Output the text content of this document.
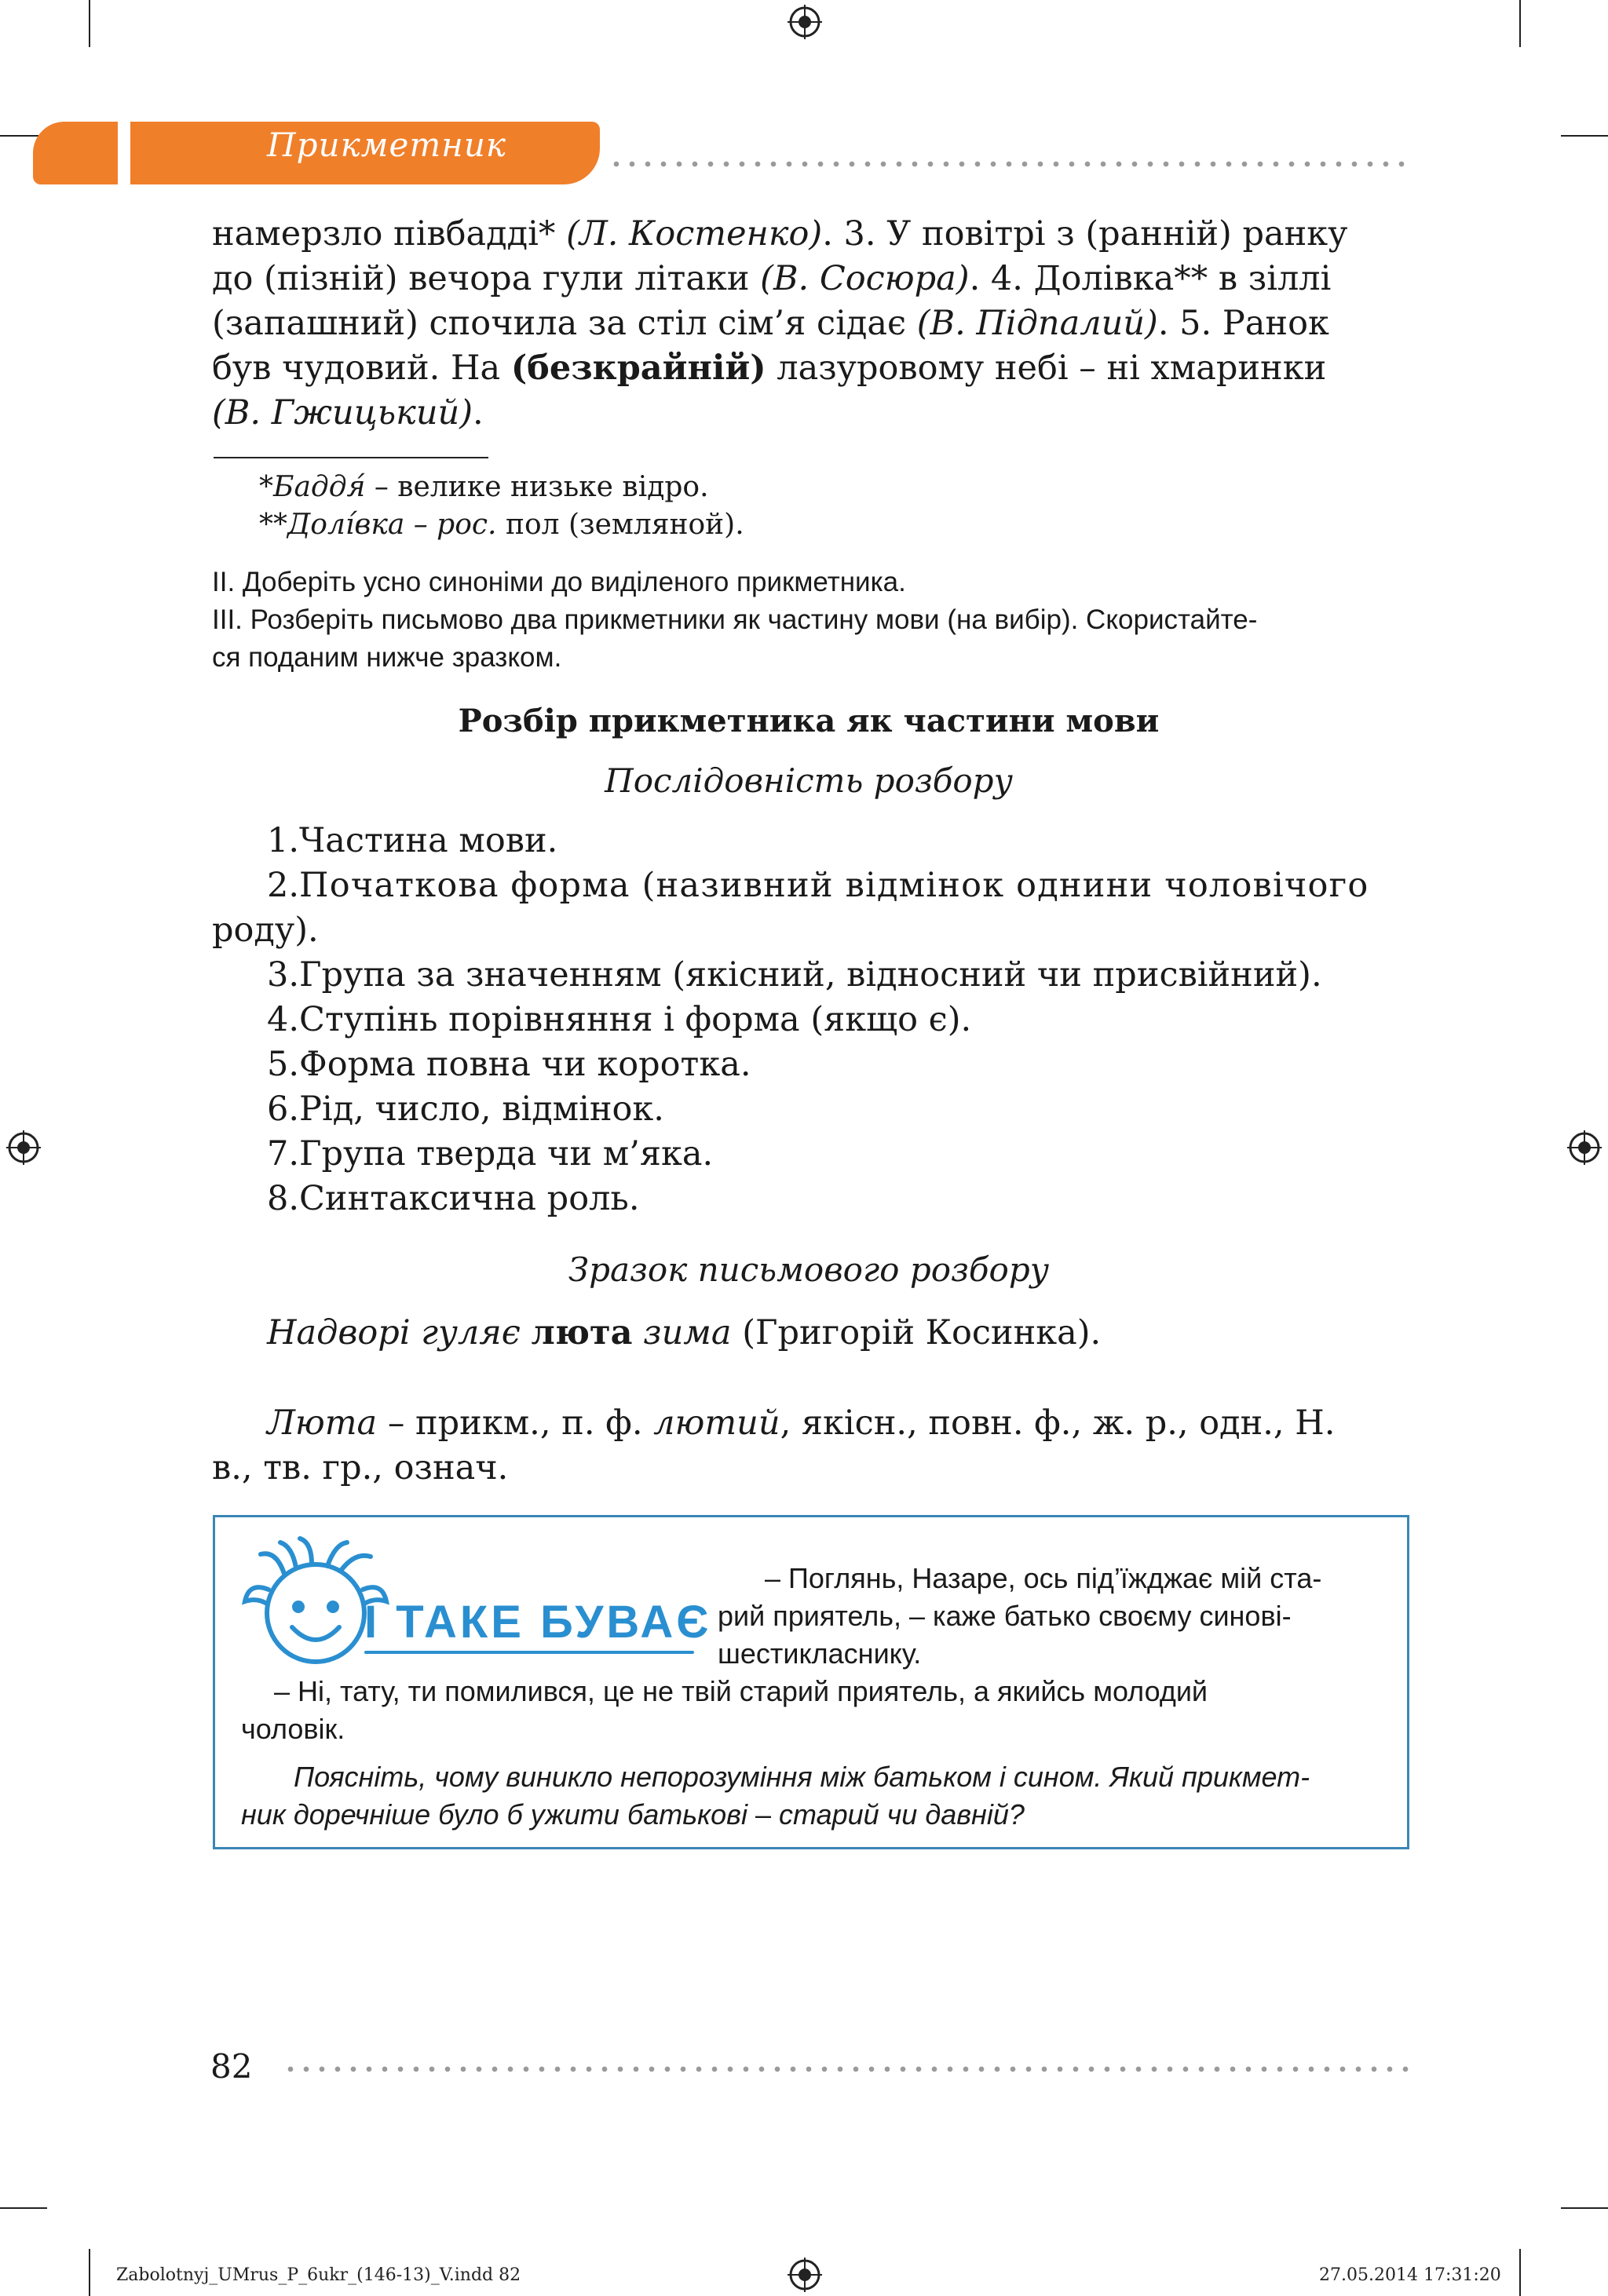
Прикметник

намерзло півбадді* (Л. Костенко). 3. У повітрі з (ранній) ранку

до (пізній) вечора гули літаки (В. Сосюра). 4. Долівка** в зіллі

(запашний) спочила за стіл сім’я сідає (В. Підпалий). 5. Ранок

був чудовий. На (безкрайній) лазуровому небі – ні хмаринки

(В. Гжицький).

*Баддя́ – велике низьке відро.
**Долі́вка – рос. пол (земляной).
ІІ. Доберіть усно синоніми до виділеного прикметника.
ІІІ. Розберіть письмово два прикметники як частину мови (на вибір). Скористайте-
ся поданим нижче зразком.
Розбір прикметника як частини мови
Послідовність розбору

1.Частина мови.

2.Початкова форма (називний відмінок однини чоловічого

роду).

3.Група за значенням (якісний, відносний чи присвійний).

4.Ступінь порівняння і форма (якщо є).

5.Форма повна чи коротка.

6.Рід, число, відмінок.

7.Група тверда чи м’яка.

8.Синтаксична роль.

Зразок письмового розбору
Надворі гуляє люта зима (Григорій Косинка).

Люта – прикм., п. ф. лютий, якісн., повн. ф., ж. р., одн., Н.

в., тв. гр., означ.

І ТАКЕ БУВАЄ
– Поглянь, Назаре, ось під’їжджає мій ста-
рий приятель, – каже батько своєму синові-
шестикласнику.
– Ні, тату, ти помилився, це не твій старий приятель, а якийсь молодий
чоловік.
Поясніть, чому виникло непорозуміння між батьком і сином. Який прикмет-
ник доречніше було б ужити батькові – старий чи давній?
82
Zabolotnyj_UMrus_P_6ukr_(146-13)_V.indd 82	27.05.2014 17:31:20
